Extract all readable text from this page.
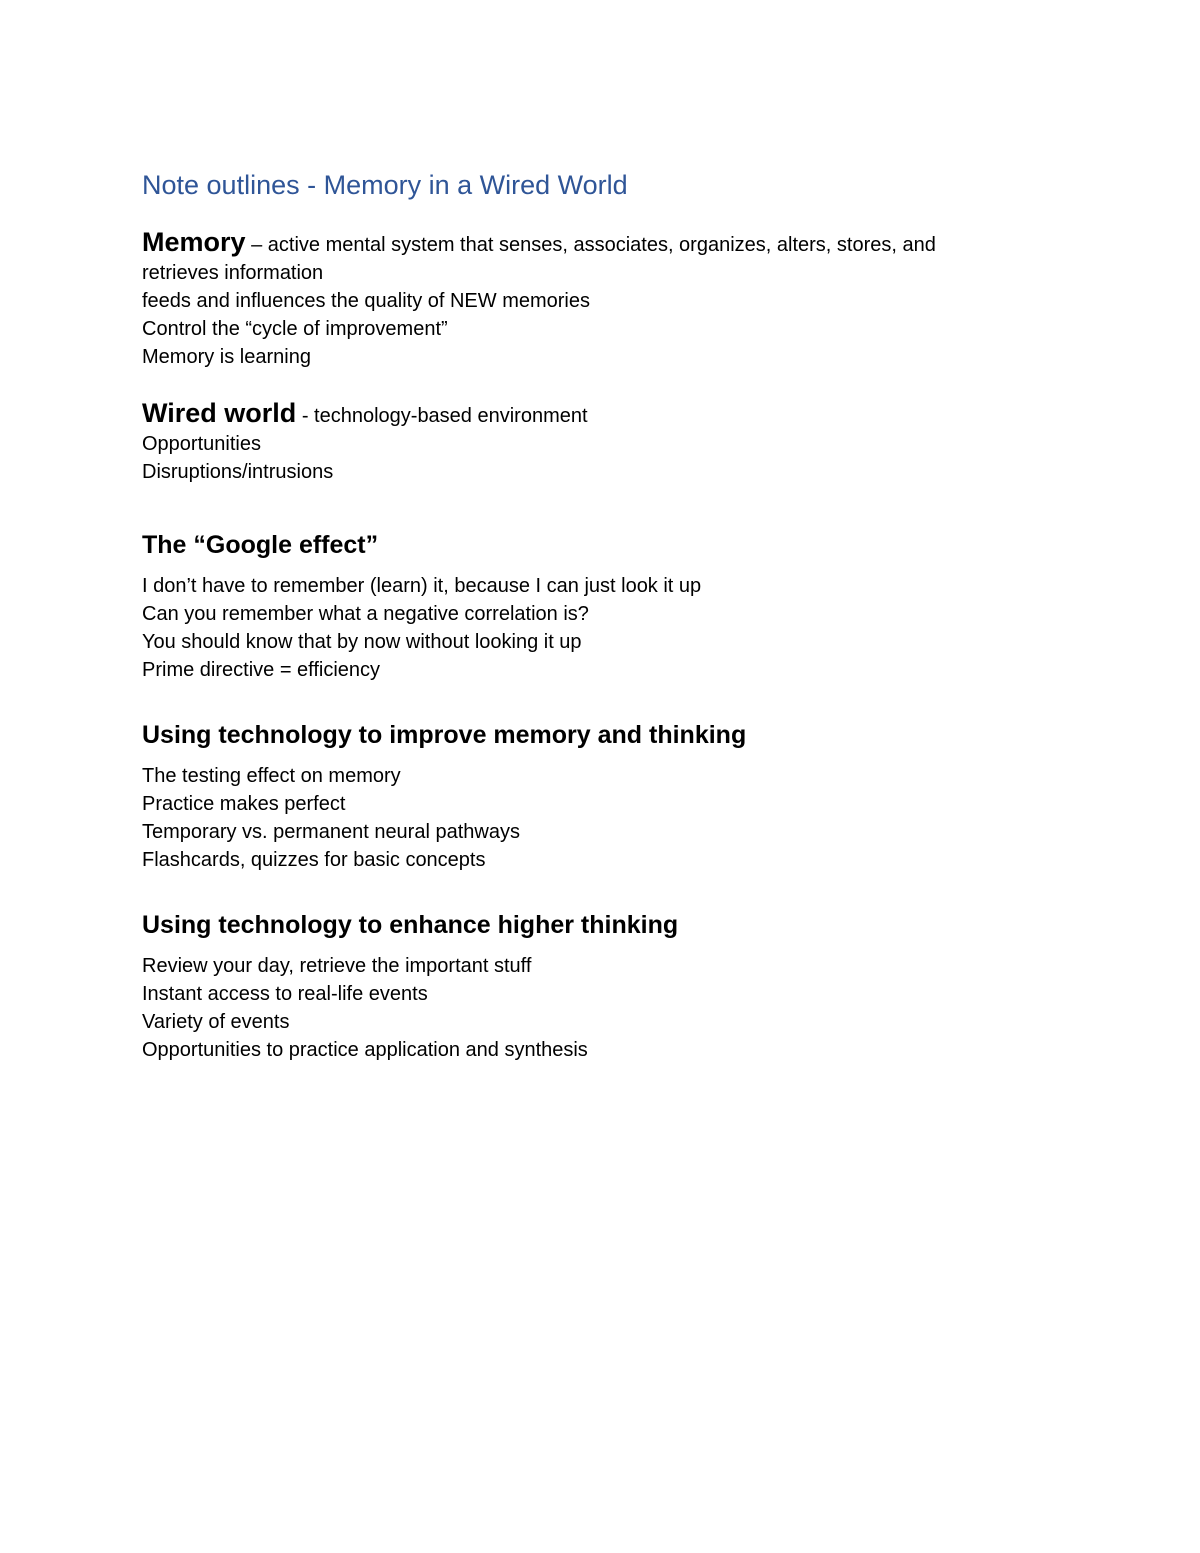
Note outlines - Memory in a Wired World

Memory – active mental system that senses, associates, organizes, alters, stores, and

retrieves information

feeds and influences the quality of NEW memories

Control the “cycle of improvement”

Memory is learning

Wired world - technology-based environment

Opportunities

Disruptions/intrusions

The “Google effect”

I don’t have to remember (learn) it, because I can just look it up

Can you remember what a negative correlation is?

You should know that by now without looking it up

Prime directive = efficiency

Using technology to improve memory and thinking

The testing effect on memory

Practice makes perfect

Temporary vs. permanent neural pathways

Flashcards, quizzes for basic concepts

Using technology to enhance higher thinking

Review your day, retrieve the important stuff

Instant access to real-life events

Variety of events

Opportunities to practice application and synthesis
